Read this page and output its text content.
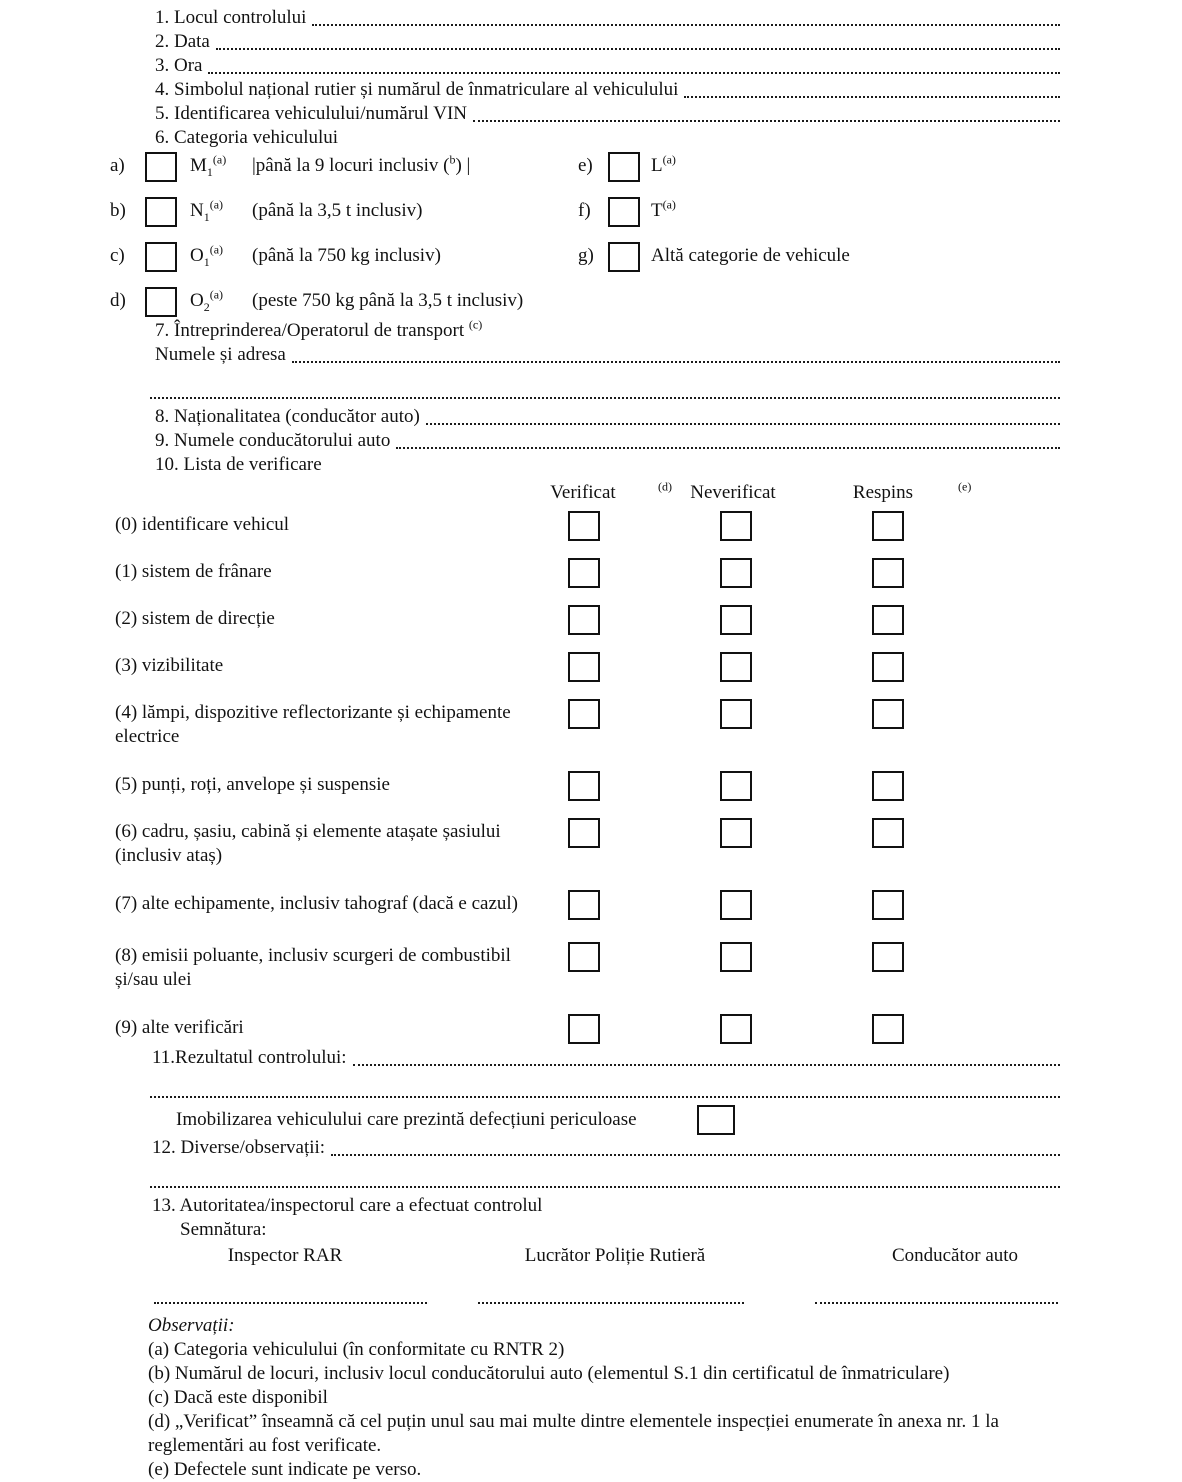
1. Locul controlului
2. Data
3. Ora
4. Simbolul național rutier și numărul de înmatriculare al vehiculului
5. Identificarea vehiculului/numărul VIN
6. Categoria vehiculului
a)	$M_1^{(a)}$	|până la 9 locuri inclusiv ($^b$) |	e)	$L^{(a)}$
b)	$N_1^{(a)}$	(până la 3,5 t inclusiv)	f)	$T^{(a)}$
c)	$O_1^{(a)}$	(până la 750 kg inclusiv)	g)	Altă categorie de vehicule
d)	$O_2^{(a)}$	(peste 750 kg până la 3,5 t inclusiv)
7. Întreprinderea/Operatorul de transport $^{(c)}$
Numele și adresa
8. Naționalitatea (conducător auto)
9. Numele conducătorului auto
10. Lista de verificare
Verificat	$^{(d)}$ Neverificat	Respins	$^{(e)}$
(0) identificare vehicul
(1) sistem de frânare
(2) sistem de direcție
(3) vizibilitate
(4) lămpi, dispozitive reflectorizante și echipamente electrice
(5) punți, roți, anvelope și suspensie
(6) cadru, șasiu, cabină și elemente atașate șasiului (inclusiv ataș)
(7) alte echipamente, inclusiv tahograf (dacă e cazul)
(8) emisii poluante, inclusiv scurgeri de combustibil și/sau ulei
(9) alte verificări
11.Rezultatul controlului:
Imobilizarea vehiculului care prezintă defecțiuni periculoase
12. Diverse/observații:
13. Autoritatea/inspectorul care a efectuat controlul
Semnătura:
Inspector RAR	Lucrător Poliție Rutieră	Conducător auto
Observații:
(a) Categoria vehiculului (în conformitate cu RNTR 2)
(b) Numărul de locuri, inclusiv locul conducătorului auto (elementul S.1 din certificatul de înmatriculare)
(c) Dacă este disponibil
(d) „Verificat” înseamnă că cel puțin unul sau mai multe dintre elementele inspecției enumerate în anexa nr. 1 la reglementări au fost verificate.
(e) Defectele sunt indicate pe verso.
